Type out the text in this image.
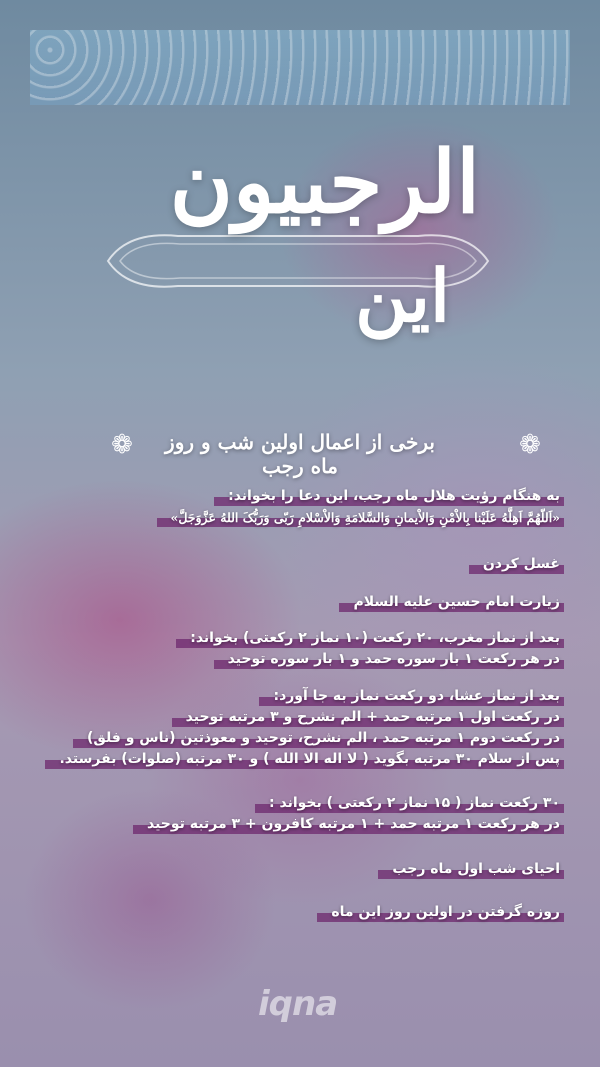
الرجبیون
این
❁	❁
برخی از اعمال اولین شب و روز ماه رجب
به هنگام رؤیت هلال ماه رجب، این دعا را بخواند:
«اَللّهُمَّ اَهِلَّهُ عَلَیْنا بِالاْمْنِ وَالاْیمانِ وَالسَّلامَةِ وَالاْسْلامِ رَبّی وَرَبُّکَ اللهُ عَزَّوَجَلَّ»
غسل کردن
زیارت امام حسین علیه السلام
بعد از نماز مغرب، ۲۰ رکعت (۱۰ نماز ۲ رکعتی) بخواند:
در هر رکعت ۱ بار سوره حمد و ۱ بار سوره توحید
بعد از نماز عشا، دو رکعت نماز به جا آورد:
در رکعت اول ۱ مرتبه حمد + الم نشرح و ۳ مرتبه توحید
در رکعت دوم ۱ مرتبه حمد ، الم نشرح، توحید و معوذتین (ناس و فلق)
پس از سلام ۳۰ مرتبه بگوید ( لا اله الا الله ) و ۳۰ مرتبه (صلوات) بفرستد.
۳۰ رکعت نماز ( ۱۵ نماز ۲ رکعتی ) بخواند :
در هر رکعت ۱ مرتبه حمد + ۱ مرتبه کافرون + ۳ مرتبه توحید
احیای شب اول ماه رجب
روزه گرفتن در اولین روز این ماه
iqna
